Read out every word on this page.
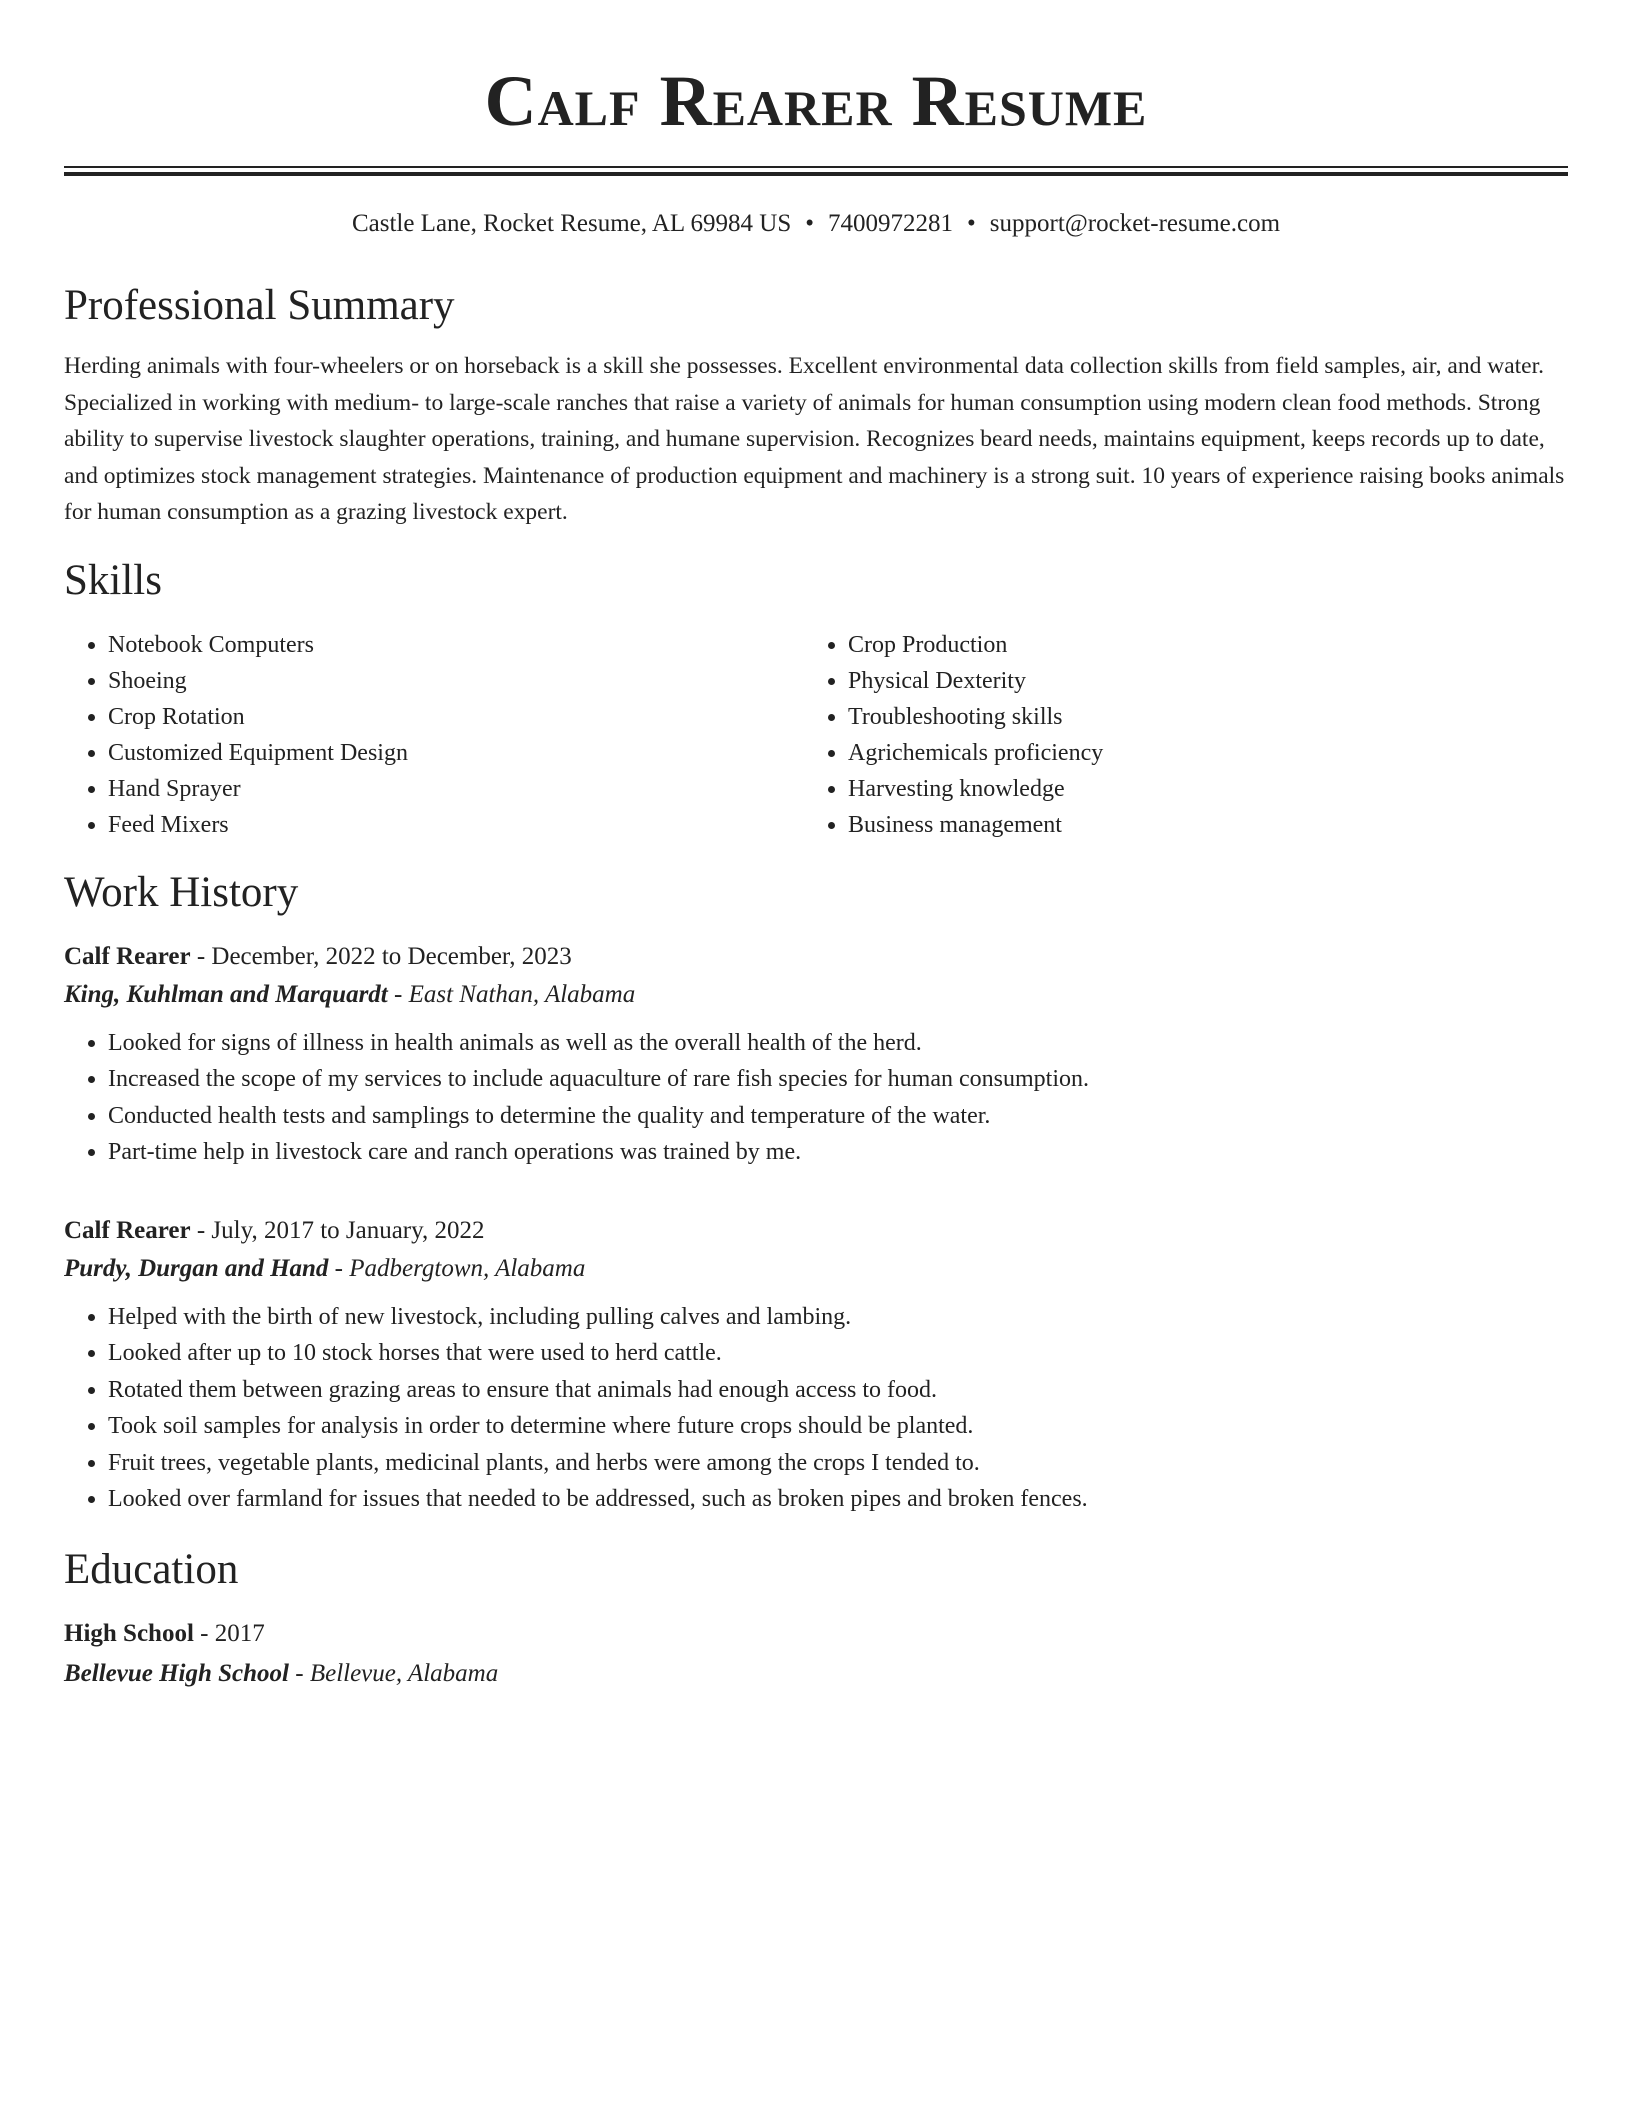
Calf Rearer Resume
Castle Lane, Rocket Resume, AL 69984 US • 7400972281 • support@rocket-resume.com
Professional Summary

Herding animals with four-wheelers or on horseback is a skill she possesses. Excellent environmental data collection skills from field samples, air, and water. Specialized in working with medium- to large-scale ranches that raise a variety of animals for human consumption using modern clean food methods. Strong ability to supervise livestock slaughter operations, training, and humane supervision. Recognizes beard needs, maintains equipment, keeps records up to date, and optimizes stock management strategies. Maintenance of production equipment and machinery is a strong suit. 10 years of experience raising books animals for human consumption as a grazing livestock expert.

Skills
• Notebook Computers
• Shoeing
• Crop Rotation
• Customized Equipment Design
• Hand Sprayer
• Feed Mixers
• Crop Production
• Physical Dexterity
• Troubleshooting skills
• Agrichemicals proficiency
• Harvesting knowledge
• Business management
Work History
Calf Rearer - December, 2022 to December, 2023
King, Kuhlman and Marquardt - East Nathan, Alabama
• Looked for signs of illness in health animals as well as the overall health of the herd.
• Increased the scope of my services to include aquaculture of rare fish species for human consumption.
• Conducted health tests and samplings to determine the quality and temperature of the water.
• Part-time help in livestock care and ranch operations was trained by me.
Calf Rearer - July, 2017 to January, 2022
Purdy, Durgan and Hand - Padbergtown, Alabama
• Helped with the birth of new livestock, including pulling calves and lambing.
• Looked after up to 10 stock horses that were used to herd cattle.
• Rotated them between grazing areas to ensure that animals had enough access to food.
• Took soil samples for analysis in order to determine where future crops should be planted.
• Fruit trees, vegetable plants, medicinal plants, and herbs were among the crops I tended to.
• Looked over farmland for issues that needed to be addressed, such as broken pipes and broken fences.
Education
High School - 2017
Bellevue High School - Bellevue, Alabama
